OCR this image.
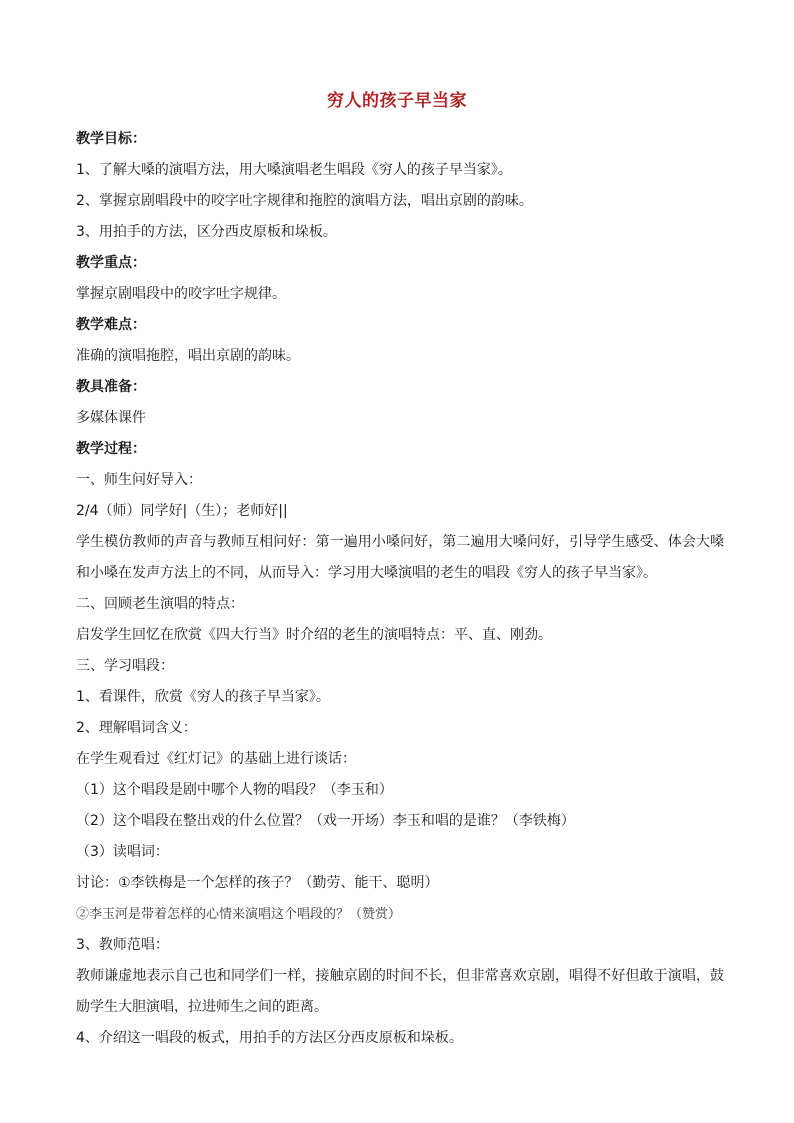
穷人的孩子早当家
教学目标：
1、了解大嗓的演唱方法，用大嗓演唱老生唱段《穷人的孩子早当家》。
2、掌握京剧唱段中的咬字吐字规律和拖腔的演唱方法，唱出京剧的韵味。
3、用拍手的方法，区分西皮原板和垛板。
教学重点：
掌握京剧唱段中的咬字吐字规律。
教学难点：
准确的演唱拖腔，唱出京剧的韵味。
教具准备：
多媒体课件
教学过程：
一、师生问好导入：
2/4（师）同学好|（生）；老师好||
学生模仿教师的声音与教师互相问好：第一遍用小嗓问好，第二遍用大嗓问好，引导学生感受、体会大嗓和小嗓在发声方法上的不同，从而导入：学习用大嗓演唱的老生的唱段《穷人的孩子早当家》。
二、回顾老生演唱的特点：
启发学生回忆在欣赏《四大行当》时介绍的老生的演唱特点：平、直、刚劲。
三、学习唱段：
1、看课件，欣赏《穷人的孩子早当家》。
2、理解唱词含义：
在学生观看过《红灯记》的基础上进行谈话：
（1）这个唱段是剧中哪个人物的唱段？（李玉和）
（2）这个唱段在整出戏的什么位置？（戏一开场）李玉和唱的是谁？（李铁梅）
（3）读唱词：
讨论：①李铁梅是一个怎样的孩子？（勤劳、能干、聪明）
②李玉河是带着怎样的心情来演唱这个唱段的？（赞赏）
3、教师范唱：
教师谦虚地表示自己也和同学们一样，接触京剧的时间不长，但非常喜欢京剧，唱得不好但敢于演唱，鼓励学生大胆演唱，拉进师生之间的距离。
4、介绍这一唱段的板式，用拍手的方法区分西皮原板和垛板。
